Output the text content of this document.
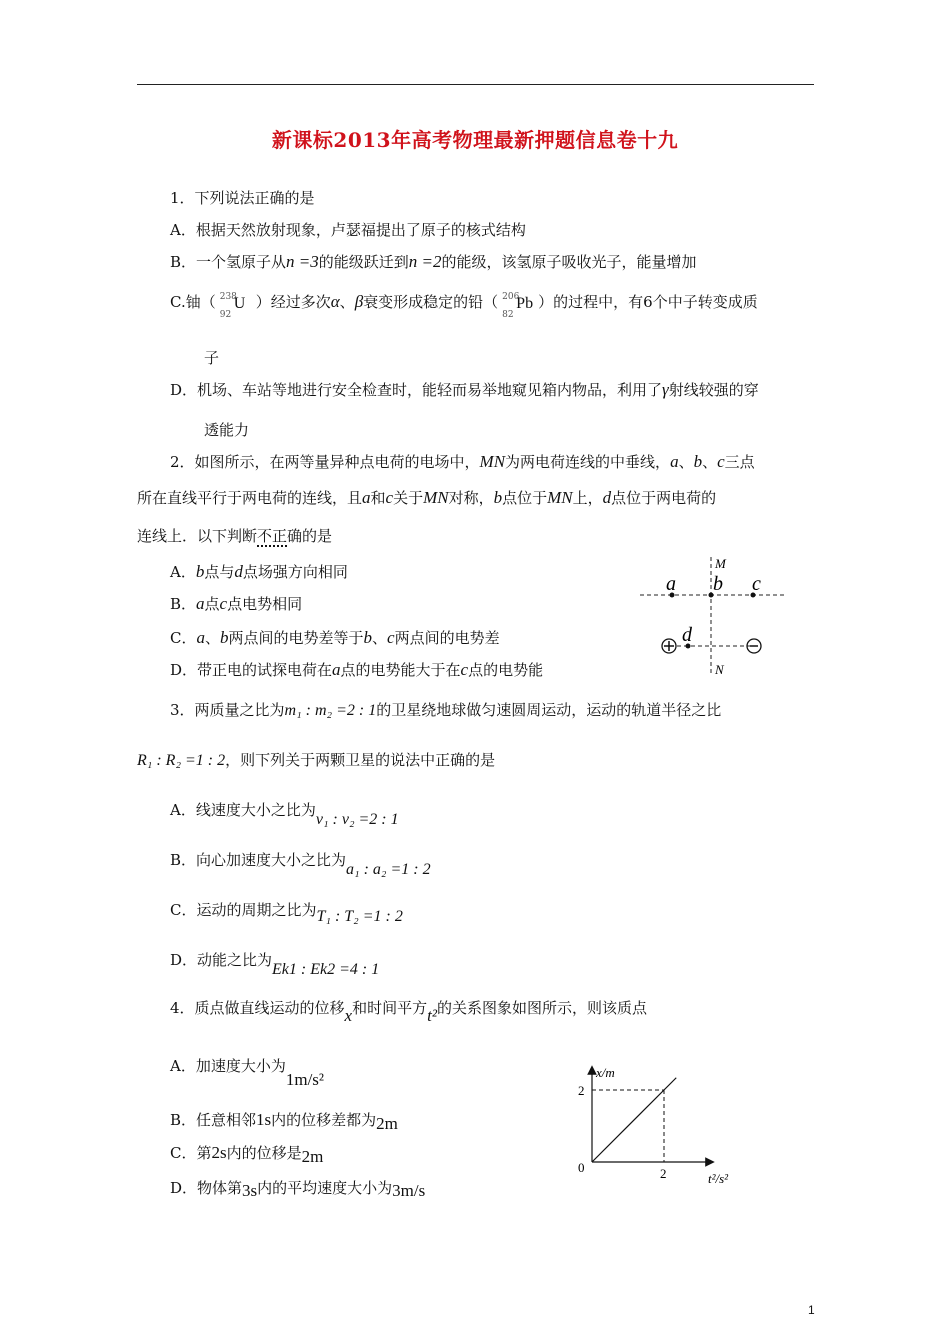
新课标2013年高考物理最新押题信息卷十九
1．下列说法正确的是
A．根据天然放射现象，卢瑟福提出了原子的核式结构
B．一个氢原子从n =3的能级跃迁到n =2的能级，该氢原子吸收光子，能量增加
C.铀（ 238
92
U ）经过多次α、β衰变形成稳定的铅（ 206
82
Pb ）的过程中，有6个中子转变成质
子
D．机场、车站等地进行安全检查时，能轻而易举地窥见箱内物品，利用了γ射线较强的穿
透能力
2．如图所示，在两等量异种点电荷的电场中，MN为两电荷连线的中垂线，a、b、c三点
所在直线平行于两电荷的连线，且a和c关于MN对称，b点位于MN上，d点位于两电荷的
连线上．以下判断不正确的是
A．b点与d点场强方向相同
B．a点c点电势相同
C．a、b两点间的电势差等于b、c两点间的电势差
D．带正电的试探电荷在a点的电势能大于在c点的电势能
M
N
a b c
d
3．两质量之比为m₁ : m₂ =2 : 1的卫星绕地球做匀速圆周运动，运动的轨道半径之比
R₁ : R₂ =1 : 2，则下列关于两颗卫星的说法中正确的是
A．线速度大小之比为v₁ : v₂ =2 : 1
B．向心加速度大小之比为a₁ : a₂ =1 : 2
C．运动的周期之比为T₁ : T₂ =1 : 2
D．动能之比为Ek1 : Ek2 =4 : 1
4．质点做直线运动的位移x和时间平方t²的关系图象如图所示，则该质点
A．加速度大小为1m/s²
B．任意相邻1s内的位移差都为2m
C．第2s内的位移是2m
D．物体第3s内的平均速度大小为3m/s
x/m
t²/s²
0
2
2
1
